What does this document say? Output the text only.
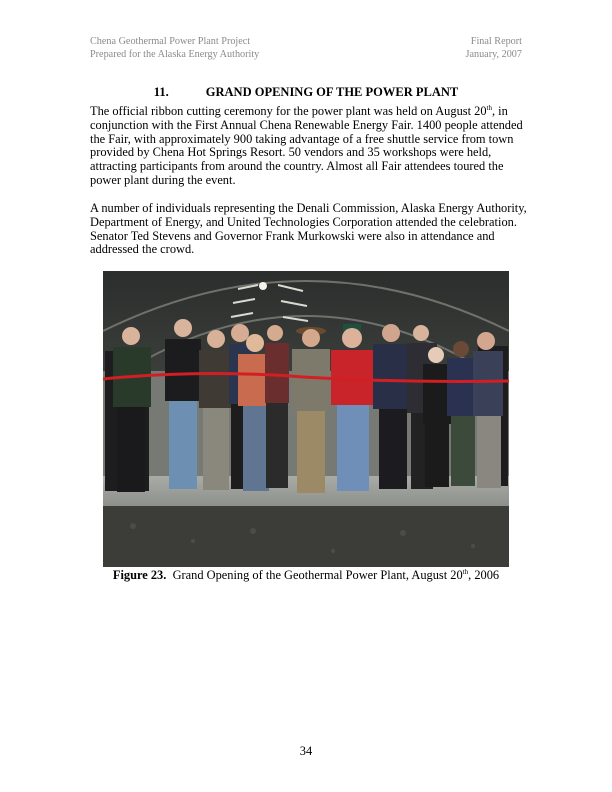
Chena Geothermal Power Plant Project
Prepared for the Alaska Energy Authority
Final Report
January, 2007
11.	GRAND OPENING OF THE POWER PLANT

The official ribbon cutting ceremony for the power plant was held on August 20th, in conjunction with the First Annual Chena Renewable Energy Fair. 1400 people attended the Fair, with approximately 900 taking advantage of a free shuttle service from town provided by Chena Hot Springs Resort. 50 vendors and 35 workshops were held, attracting participants from around the country. Almost all Fair attendees toured the power plant during the event.

A number of individuals representing the Denali Commission, Alaska Energy Authority, Department of Energy, and United Technologies Corporation attended the celebration. Senator Ted Stevens and Governor Frank Murkowski were also in attendance and addressed the crowd.

Figure 23. Grand Opening of the Geothermal Power Plant, August 20th, 2006
34
